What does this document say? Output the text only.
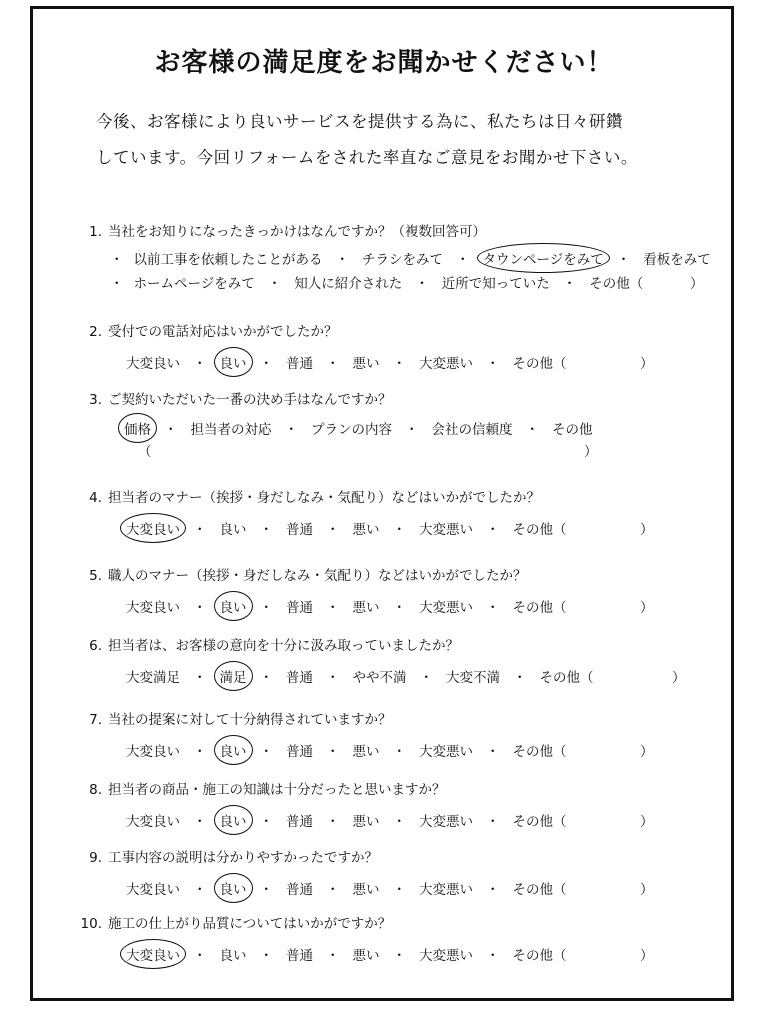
お客様の満足度をお聞かせください！
今後、お客様により良いサービスを提供する為に、私たちは日々研鑽
しています。今回リフォームをされた率直なご意見をお聞かせ下さい。
1. 当社をお知りになったきっかけはなんですか？（複数回答可）
・ 以前工事を依頼したことがある ・ チラシをみて ・ タウンページをみて ・ 看板をみて
・ ホームページをみて ・ 知人に紹介された ・ 近所で知っていた ・ その他（	）
2. 受付での電話対応はいかがでしたか？
大変良い ・ 良い ・ 普通 ・ 悪い ・ 大変悪い ・ その他（	）
3. ご契約いただいた一番の決め手はなんですか？
価格 ・ 担当者の対応 ・ プランの内容 ・ 会社の信頼度 ・ その他
（	）
4. 担当者のマナー（挨拶・身だしなみ・気配り）などはいかがでしたか？
大変良い ・ 良い ・ 普通 ・ 悪い ・ 大変悪い ・ その他（	）
5. 職人のマナー（挨拶・身だしなみ・気配り）などはいかがでしたか？
大変良い ・ 良い ・ 普通 ・ 悪い ・ 大変悪い ・ その他（	）
6. 担当者は、お客様の意向を十分に汲み取っていましたか？
大変満足 ・ 満足 ・ 普通 ・ やや不満 ・ 大変不満 ・ その他（	）
7. 当社の提案に対して十分納得されていますか？
大変良い ・ 良い ・ 普通 ・ 悪い ・ 大変悪い ・ その他（	）
8. 担当者の商品・施工の知識は十分だったと思いますか？
大変良い ・ 良い ・ 普通 ・ 悪い ・ 大変悪い ・ その他（	）
9. 工事内容の説明は分かりやすかったですか？
大変良い ・ 良い ・ 普通 ・ 悪い ・ 大変悪い ・ その他（	）
10. 施工の仕上がり品質についてはいかがですか？
大変良い ・ 良い ・ 普通 ・ 悪い ・ 大変悪い ・ その他（	）
